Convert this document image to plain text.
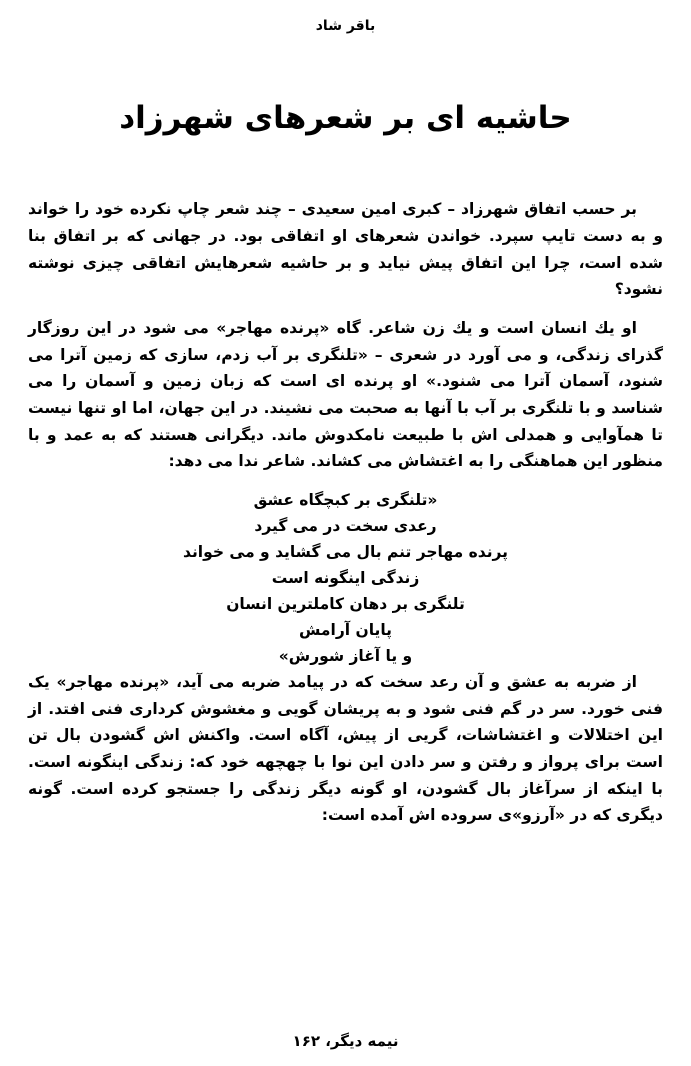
باقر شاد
حاشیه ای بر شعرهای شهرزاد

بر حسب اتفاق شهرزاد – کبری امین سعیدی – چند شعر چاپ نکرده خود را خواند و به دست تایپ سپرد. خواندن شعرهای او اتفاقی بود. در جهانی که بر اتفاق بنا شده است، چرا این اتفاق پیش نیاید و بر حاشیه شعرهایش اتفاقی چیزی نوشته نشود؟

او یك انسان است و یك زن شاعر. گاه «پرنده مهاجر» می شود در این روزگار گذرای زندگی، و می آورد در شعری – «تلنگری بر آب زدم، سازی که زمین آترا می شنود، آسمان آترا می شنود.» او پرنده ای است که زبان زمین و آسمان را می شناسد و با تلنگری بر آب با آنها به صحبت می نشیند. در این جهان، اما او تنها نیست تا همآوایی و همدلی اش با طبیعت نامکدوش ماند. دیگرانی هستند که به عمد و با منظور این هماهنگی را به اغتشاش می کشاند. شاعر ندا می دهد:

«تلنگری بر کبچگاه عشق
رعدی سخت در می گیرد
پرنده مهاجر تنم بال می گشاید و می خواند
زندگی اینگونه است
تلنگری بر دهان کاملترین انسان
پایان آرامش
و یا آغاز شورش»

از ضربه به عشق و آن رعد سخت که در پیامد ضربه می آید، «پرنده مهاجر» یک فنی خورد. سر در گم فنی شود و به پریشان گویی و مغشوش کرداری فنی افتد. از این اختلالات و اغتشاشات، گریی از پیش، آگاه است. واکنش اش گشودن بال تن است برای پرواز و رفتن و سر دادن این نوا با چهچهه خود که: زندگی اینگونه است. با اینکه از سرآغاز بال گشودن، او گونه دیگر زندگی را جستجو کرده است. گونه دیگری که در «آرزو»ی سروده اش آمده است:

نیمه دیگر، ۱۶۲
